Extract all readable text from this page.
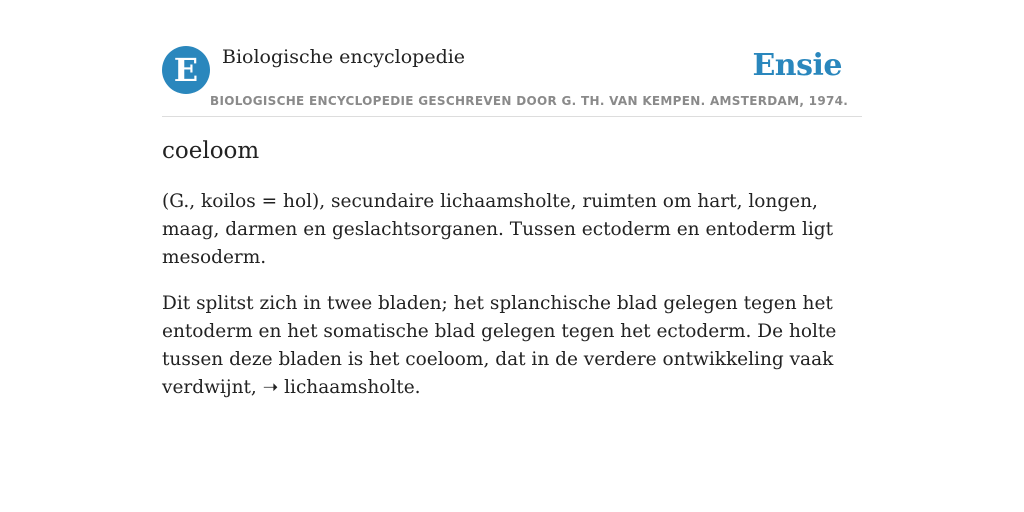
E Biologische encyclopedie	Ensie
BIOLOGISCHE ENCYCLOPEDIE GESCHREVEN DOOR G. TH. VAN KEMPEN. AMSTERDAM, 1974.
coeloom

(G., koilos = hol), secundaire lichaamsholte, ruimten om hart, longen, maag, darmen en geslachtsorganen. Tussen ectoderm en entoderm ligt mesoderm.

Dit splitst zich in twee bladen; het splanchische blad gelegen tegen het entoderm en het somatische blad gelegen tegen het ectoderm. De holte tussen deze bladen is het coeloom, dat in de verdere ontwikkeling vaak verdwijnt, ➝ lichaamsholte.
